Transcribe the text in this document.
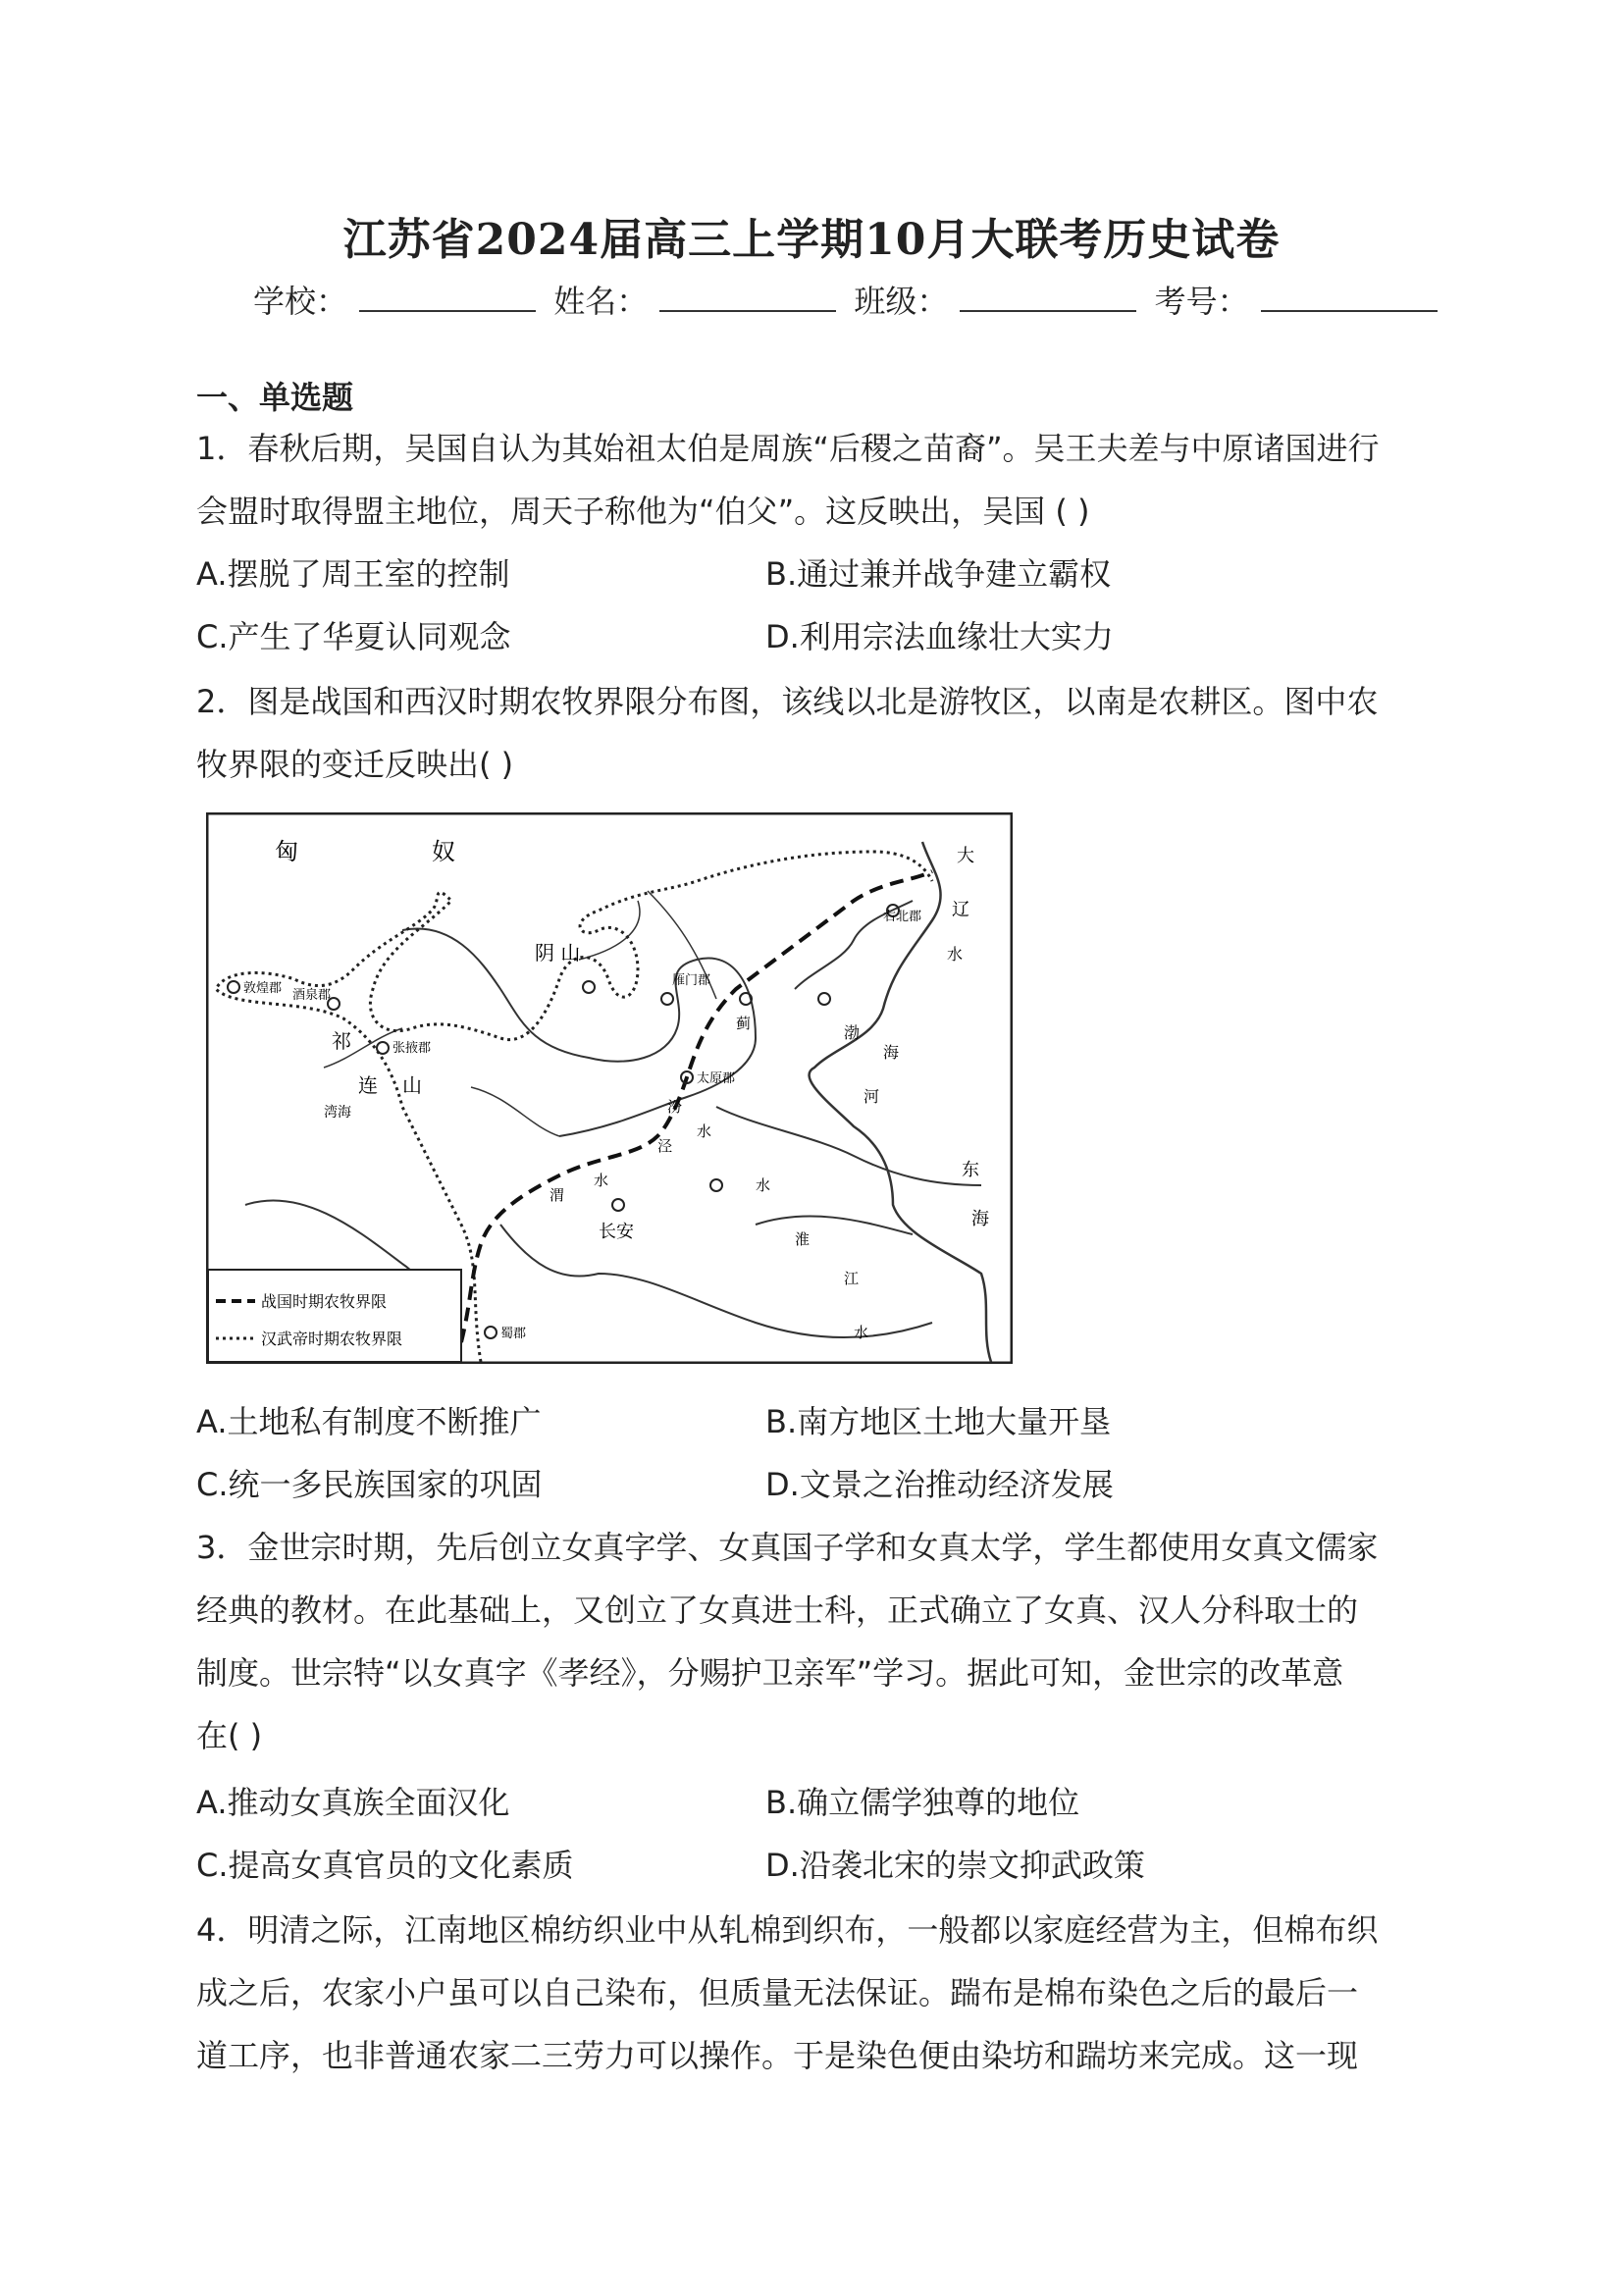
江苏省2024届高三上学期10月大联考历史试卷
学校：	姓名：	班级：	考号：
一、单选题
1．春秋后期，吴国自认为其始祖太伯是周族“后稷之苗裔”。吴王夫差与中原诸国进行
会盟时取得盟主地位，周天子称他为“伯父”。这反映出，吴国 ( )
A.摆脱了周王室的控制	B.通过兼并战争建立霸权
C.产生了华夏认同观念	D.利用宗法血缘壮大实力
2．图是战国和西汉时期农牧界限分布图，该线以北是游牧区，以南是农耕区。图中农
牧界限的变迁反映出( )
匈	奴
阴 山
敦煌郡 酒泉郡
张掖郡
祁
连 山
湾海
雁门郡
蓟
太原郡
右北郡
大
辽
水
渤
海
河
汾
泾
水
渭
水	水
淮
江
水
长安
蜀郡
东
海
战国时期农牧界限
汉武帝时期农牧界限
A.土地私有制度不断推广	B.南方地区土地大量开垦
C.统一多民族国家的巩固	D.文景之治推动经济发展
3．金世宗时期，先后创立女真字学、女真国子学和女真太学，学生都使用女真文儒家
经典的教材。在此基础上，又创立了女真进士科，正式确立了女真、汉人分科取士的
制度。世宗特“以女真字《孝经》，分赐护卫亲军”学习。据此可知，金世宗的改革意
在( )
A.推动女真族全面汉化	B.确立儒学独尊的地位
C.提高女真官员的文化素质	D.沿袭北宋的崇文抑武政策
4．明清之际，江南地区棉纺织业中从轧棉到织布，一般都以家庭经营为主，但棉布织
成之后，农家小户虽可以自己染布，但质量无法保证。踹布是棉布染色之后的最后一
道工序，也非普通农家二三劳力可以操作。于是染色便由染坊和踹坊来完成。这一现
